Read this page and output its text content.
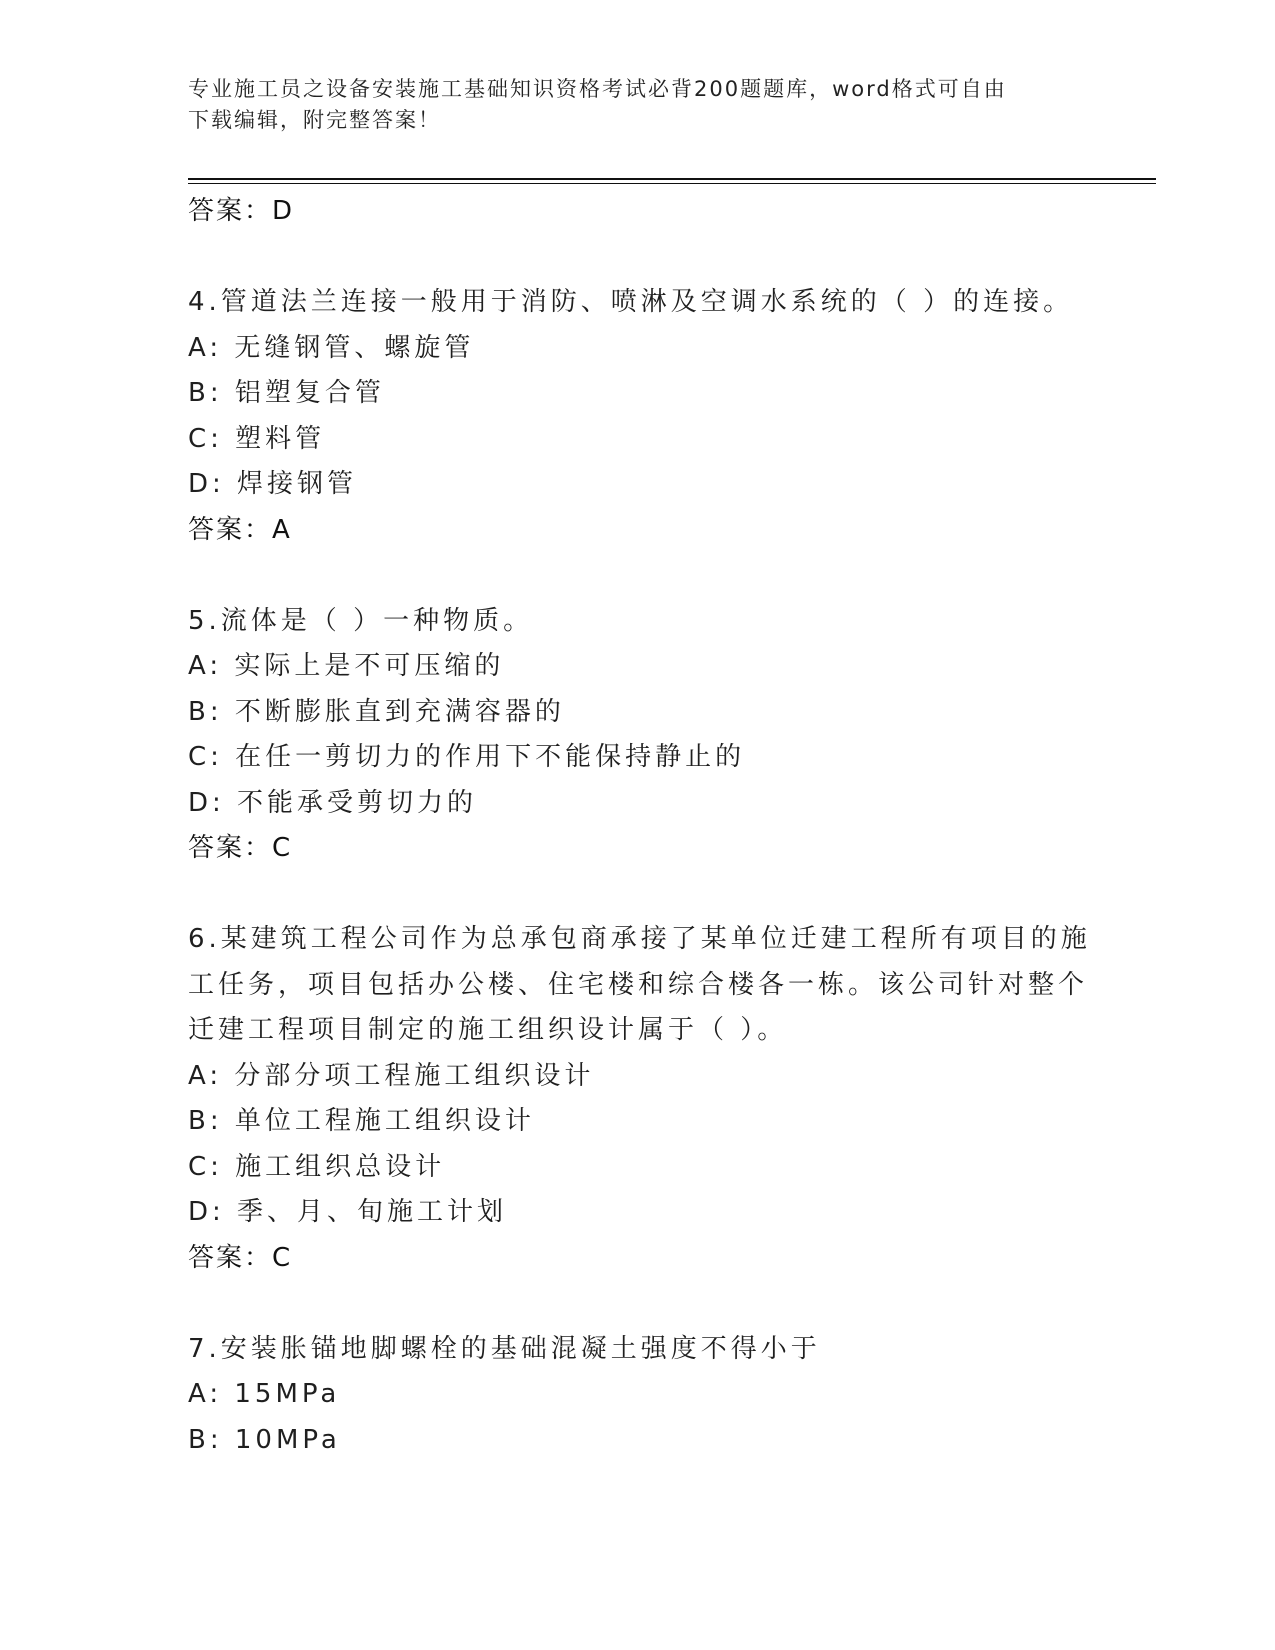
专业施工员之设备安装施工基础知识资格考试必背200题题库，word格式可自由
下载编辑，附完整答案！
答案：D
4.管道法兰连接一般用于消防、喷淋及空调水系统的（ ）的连接。
A: 无缝钢管、螺旋管
B: 铝塑复合管
C: 塑料管
D: 焊接钢管
答案：A
5.流体是（ ）一种物质。
A: 实际上是不可压缩的
B: 不断膨胀直到充满容器的
C: 在任一剪切力的作用下不能保持静止的
D: 不能承受剪切力的
答案：C
6.某建筑工程公司作为总承包商承接了某单位迁建工程所有项目的施
工任务，项目包括办公楼、住宅楼和综合楼各一栋。该公司针对整个
迁建工程项目制定的施工组织设计属于（ ）。
A: 分部分项工程施工组织设计
B: 单位工程施工组织设计
C: 施工组织总设计
D: 季、月、旬施工计划
答案：C
7.安装胀锚地脚螺栓的基础混凝土强度不得小于
A: 15MPa
B: 10MPa
